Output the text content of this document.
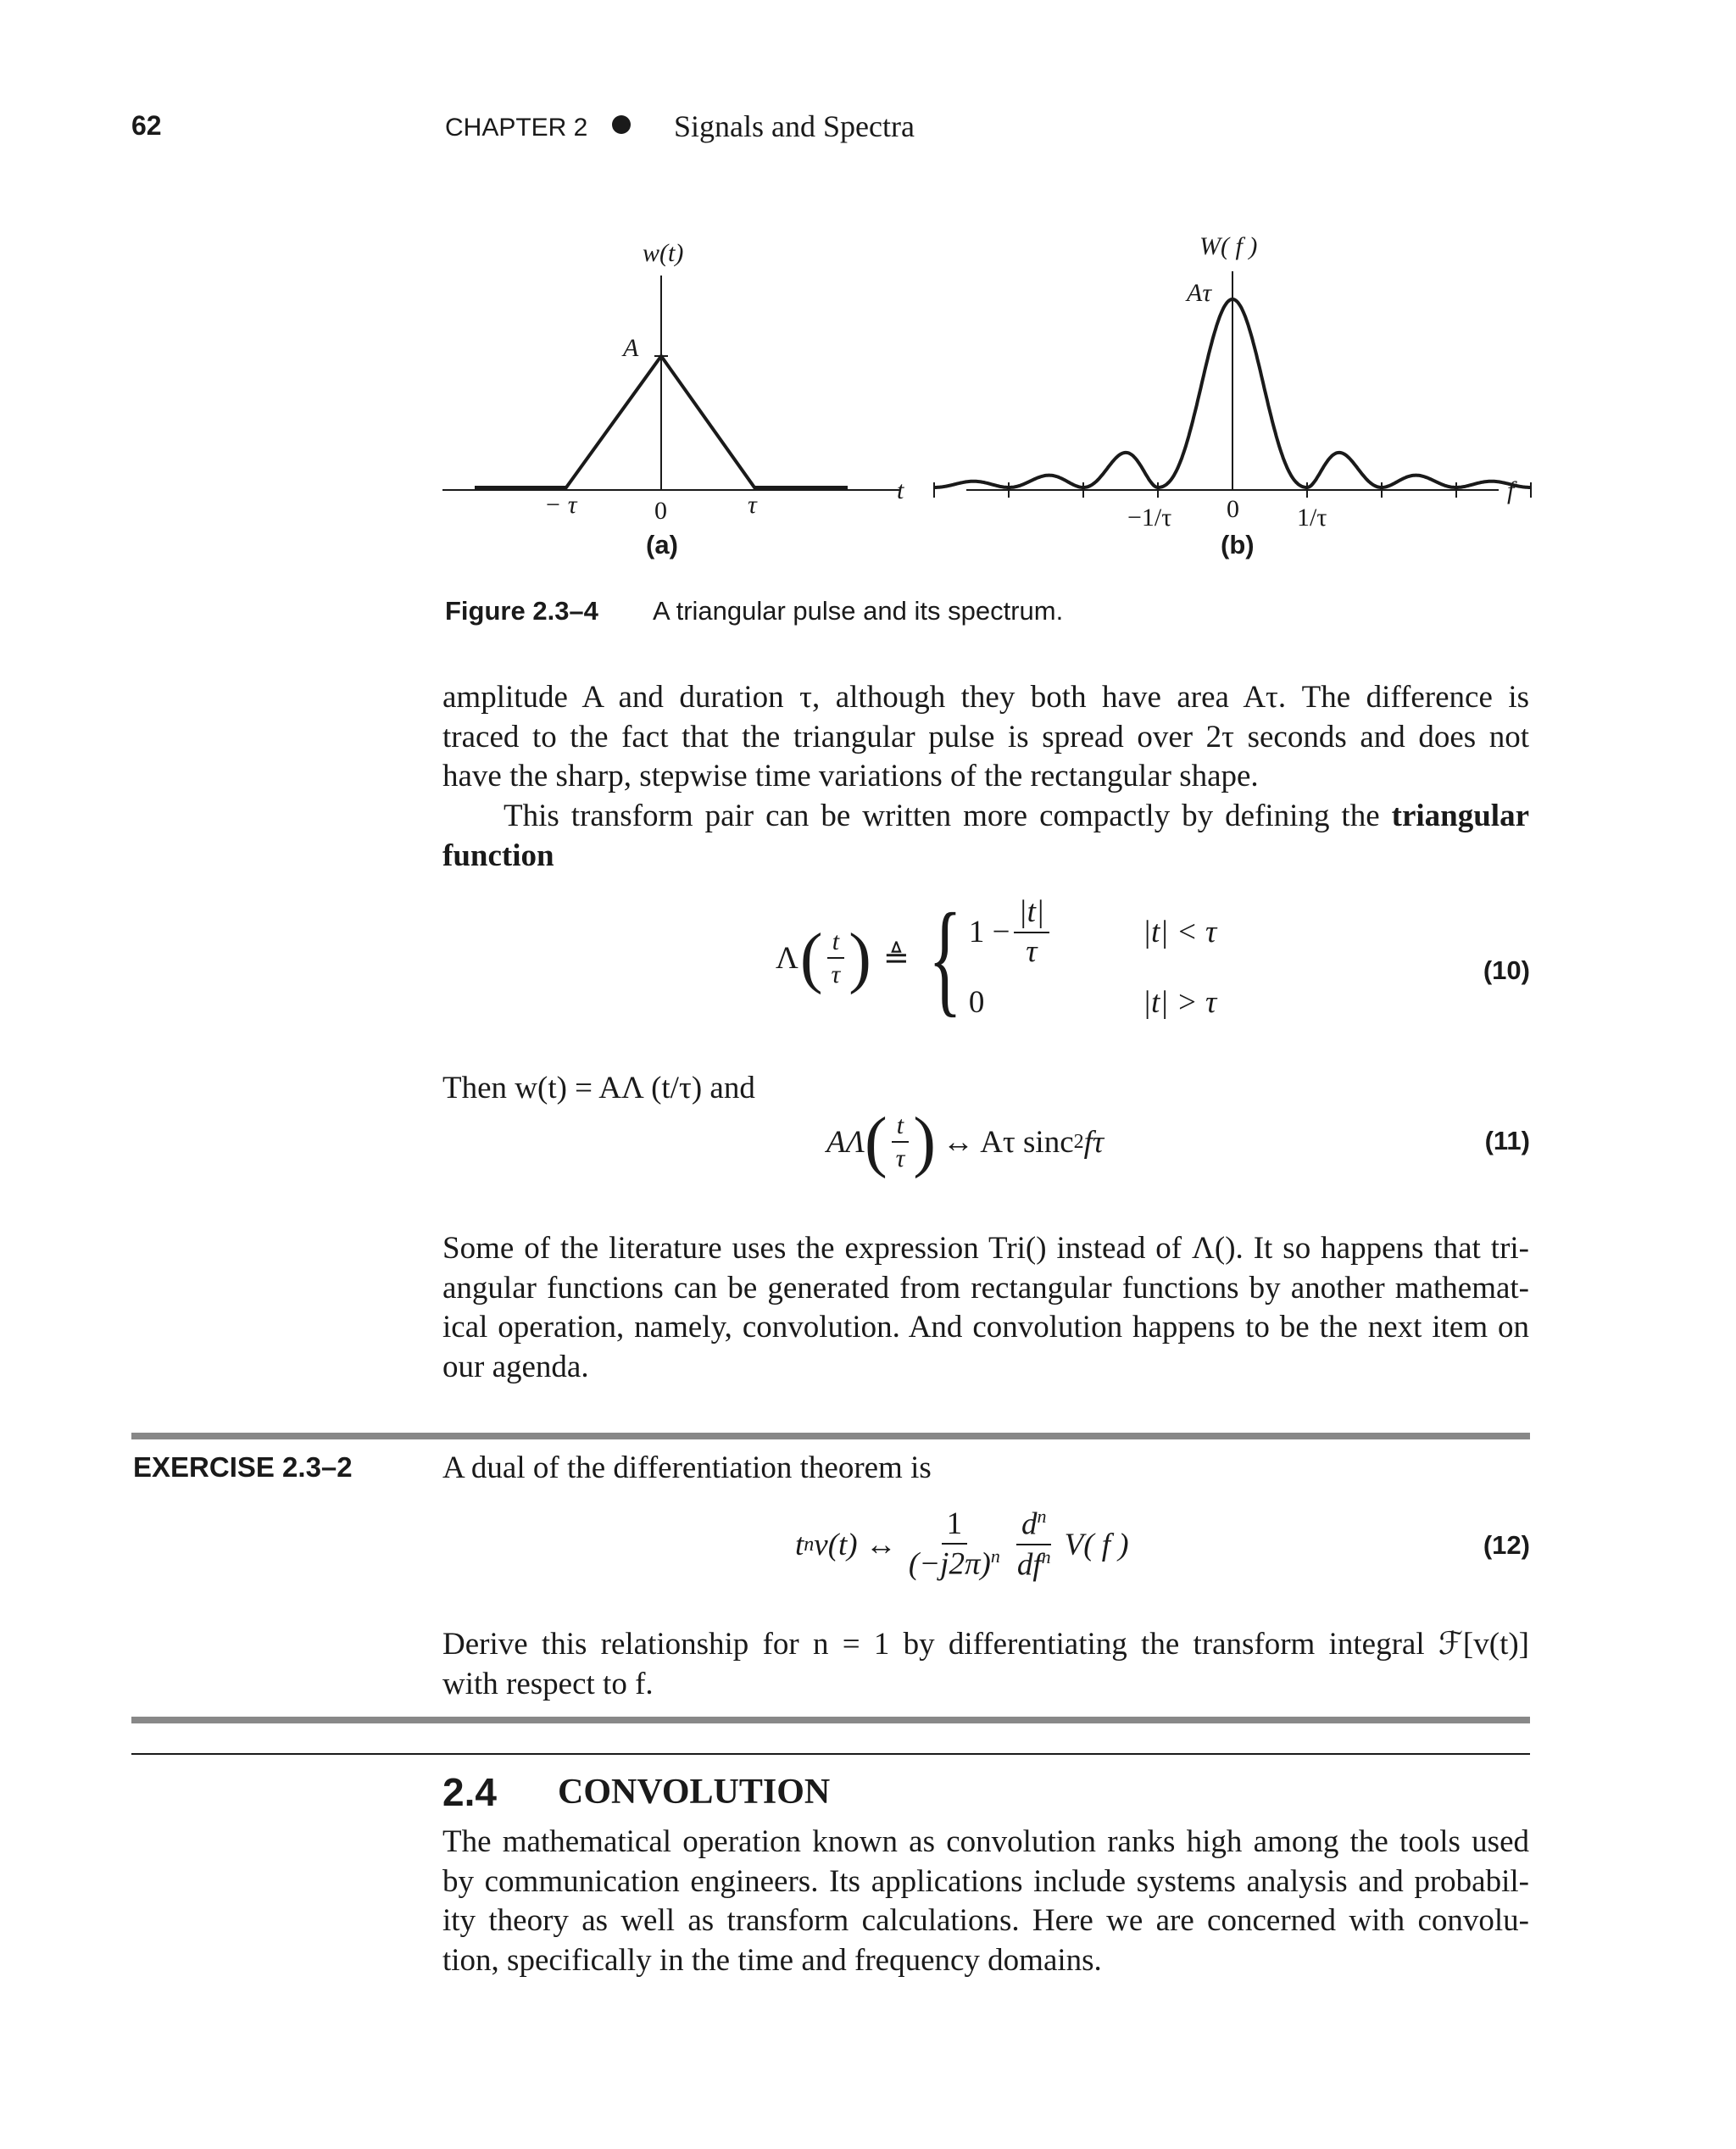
62	CHAPTER 2	Signals and Spectra
w(t)
A
− τ	0	τ
t
(a)
W( f )
Aτ
−1/τ 0 1/τ
f
(b)
Figure 2.3–4 A triangular pulse and its spectrum.
amplitude A and duration τ, although they both have area Aτ. The difference is
traced to the fact that the triangular pulse is spread over 2τ seconds and does not
have the sharp, stepwise time variations of the rectangular shape.
This transform pair can be written more compactly by defining the triangular function
Λ ( $\frac{t}{\tau}$ ) ≜ { $1 - \frac{|t|}{\tau}$	|t| < τ
0	|t| > τ
(10)
Then w(t) = AΛ (t/τ) and
AΛ ( $\frac{t}{\tau}$ ) ↔ Aτ sinc 2 fτ	(11)
Some of the literature uses the expression Tri() instead of Λ(). It so happens that tri-
angular functions can be generated from rectangular functions by another mathemat-
ical operation, namely, convolution. And convolution happens to be the next item on
our agenda.
EXERCISE 2.3–2	A dual of the differentiation theorem is
t n v(t) ↔ $\frac{1}{(-j2\pi)^n} \frac{d^n}{df^n} V$( f )	(12)
Derive this relationship for n = 1 by differentiating the transform integral ℱ[v(t)]
with respect to f.
2.4 CONVOLUTION
The mathematical operation known as convolution ranks high among the tools used
by communication engineers. Its applications include systems analysis and probabil-
ity theory as well as transform calculations. Here we are concerned with convolu-
tion, specifically in the time and frequency domains.
